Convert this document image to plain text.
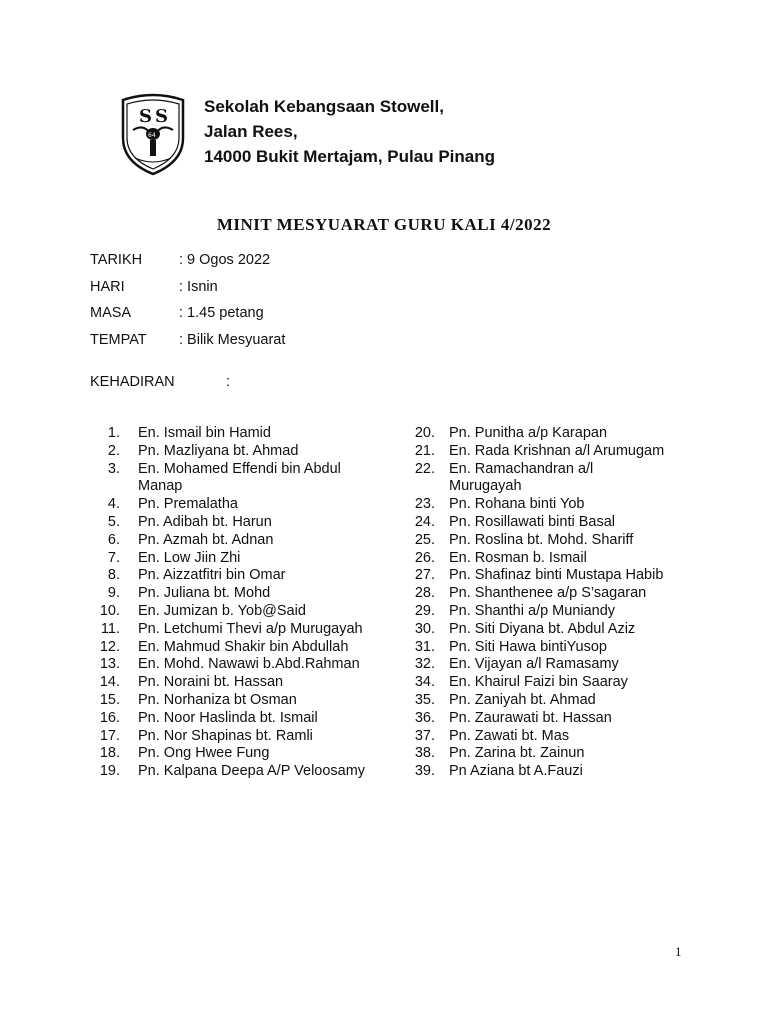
S S
64
Sekolah Kebangsaan Stowell,
Jalan Rees,
14000 Bukit Mertajam, Pulau Pinang
MINIT MESYUARAT GURU KALI 4/2022
TARIKH	: 9 Ogos 2022
HARI	: Isnin
MASA	: 1.45 petang
TEMPAT	: Bilik Mesyuarat
KEHADIRAN	:
1. En. Ismail bin Hamid
2. Pn. Mazliyana bt. Ahmad
3. En. Mohamed Effendi bin Abdul
Manap
4. Pn. Premalatha
5. Pn. Adibah bt. Harun
6. Pn. Azmah bt. Adnan
7. En. Low Jiin Zhi
8. Pn. Aizzatfitri bin Omar
9. Pn. Juliana bt. Mohd
10. En. Jumizan b. Yob@Said
11. Pn. Letchumi Thevi a/p Murugayah
12. En. Mahmud Shakir bin Abdullah
13. En. Mohd. Nawawi b.Abd.Rahman
14. Pn. Noraini bt. Hassan
15. Pn. Norhaniza bt Osman
16. Pn. Noor Haslinda bt. Ismail
17. Pn. Nor Shapinas bt. Ramli
18. Pn. Ong Hwee Fung
19. Pn. Kalpana Deepa A/P Veloosamy
20. Pn. Punitha a/p Karapan
21. En. Rada Krishnan a/l Arumugam
22. En. Ramachandran a/l
Murugayah
23. Pn. Rohana binti Yob
24. Pn. Rosillawati binti Basal
25. Pn. Roslina bt. Mohd. Shariff
26. En. Rosman b. Ismail
27. Pn. Shafinaz binti Mustapa Habib
28. Pn. Shanthenee a/p S’sagaran
29. Pn. Shanthi a/p Muniandy
30. Pn. Siti Diyana bt. Abdul Aziz
31. Pn. Siti Hawa bintiYusop
32. En. Vijayan a/l Ramasamy
34. En. Khairul Faizi bin Saaray
35. Pn. Zaniyah bt. Ahmad
36. Pn. Zaurawati bt. Hassan
37. Pn. Zawati bt. Mas
38. Pn. Zarina bt. Zainun
39. Pn Aziana bt A.Fauzi
1
